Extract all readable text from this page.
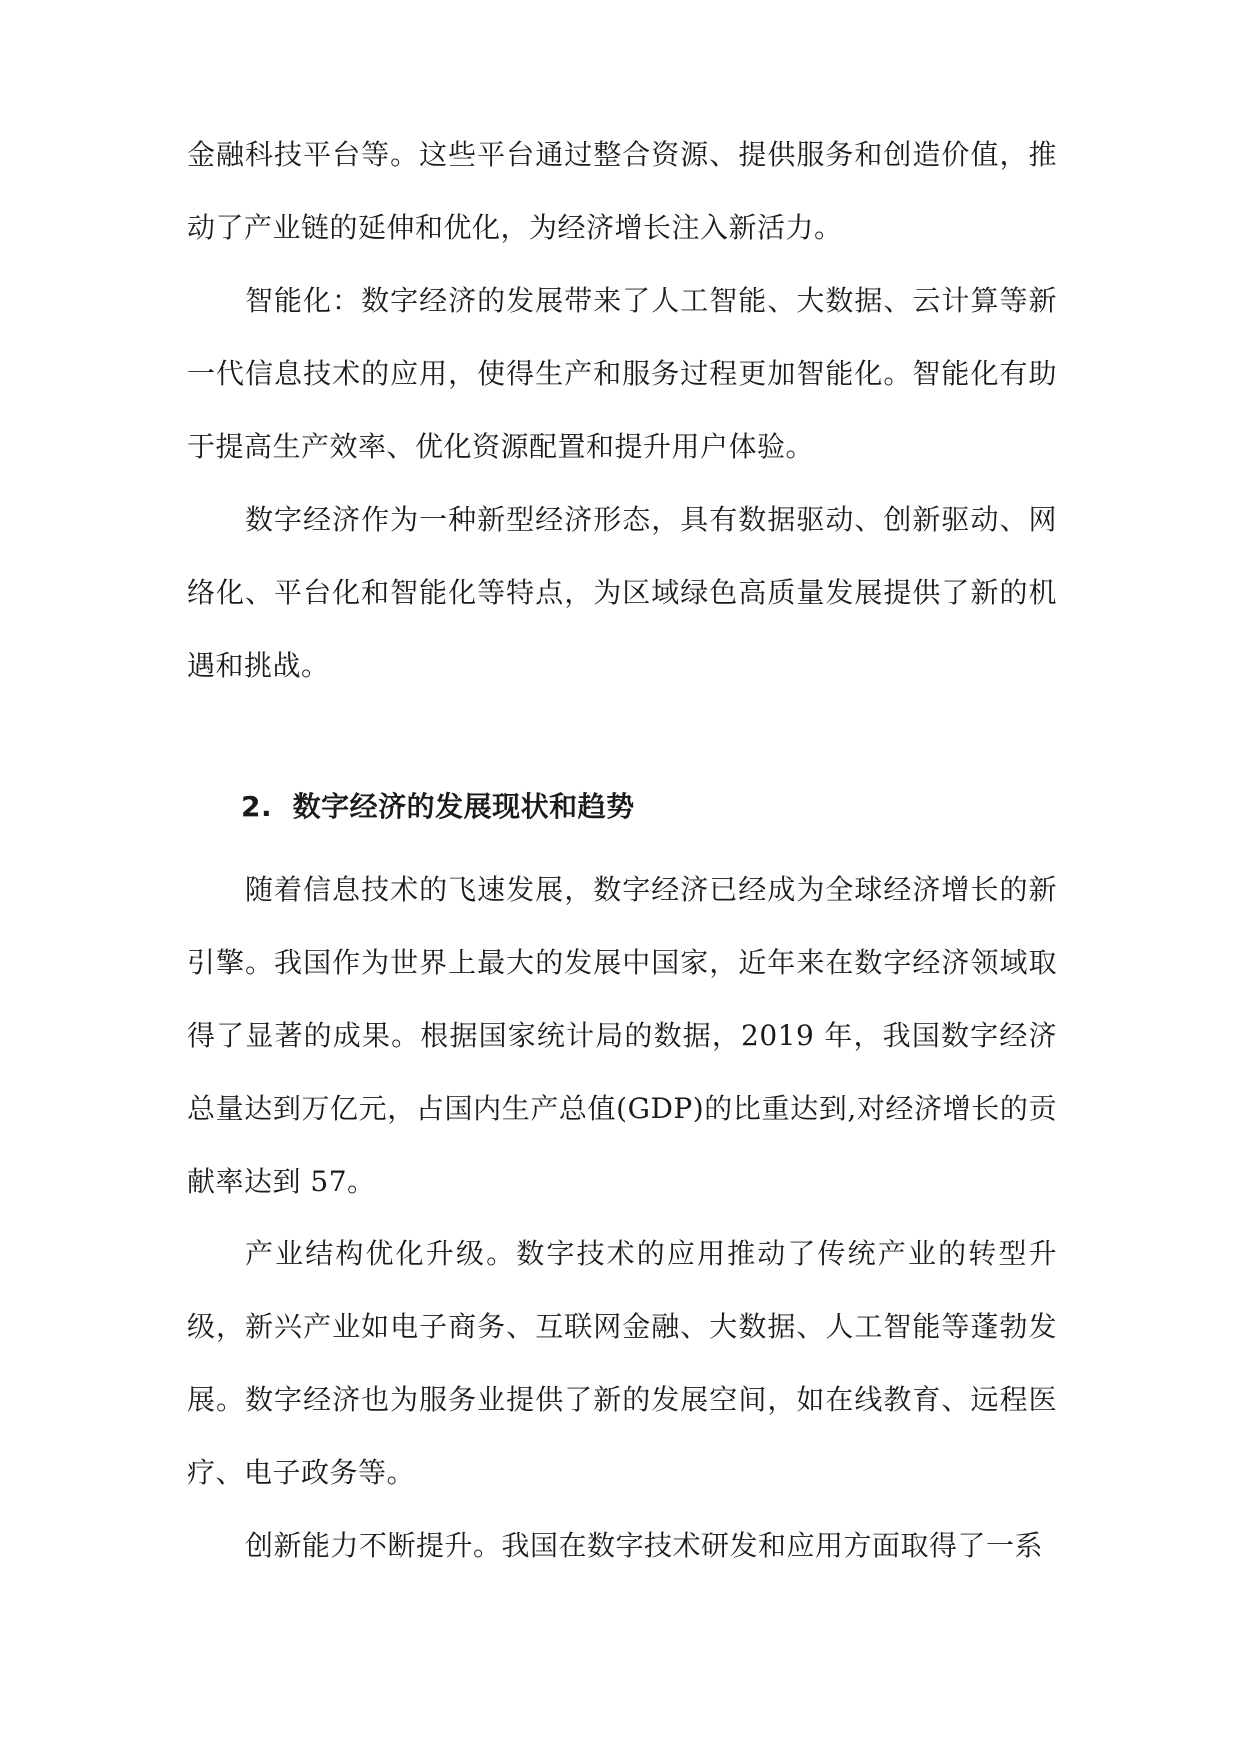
金融科技平台等。这些平台通过整合资源、提供服务和创造价值，推动了产业链的延伸和优化，为经济增长注入新活力。

智能化：数字经济的发展带来了人工智能、大数据、云计算等新一代信息技术的应用，使得生产和服务过程更加智能化。智能化有助于提高生产效率、优化资源配置和提升用户体验。

数字经济作为一种新型经济形态，具有数据驱动、创新驱动、网络化、平台化和智能化等特点，为区域绿色高质量发展提供了新的机遇和挑战。

2. 数字经济的发展现状和趋势

随着信息技术的飞速发展，数字经济已经成为全球经济增长的新引擎。我国作为世界上最大的发展中国家，近年来在数字经济领域取得了显著的成果。根据国家统计局的数据，2019 年，我国数字经济总量达到万亿元，占国内生产总值(GDP)的比重达到,对经济增长的贡献率达到 57。

产业结构优化升级。数字技术的应用推动了传统产业的转型升级，新兴产业如电子商务、互联网金融、大数据、人工智能等蓬勃发展。数字经济也为服务业提供了新的发展空间，如在线教育、远程医疗、电子政务等。

创新能力不断提升。我国在数字技术研发和应用方面取得了一系
